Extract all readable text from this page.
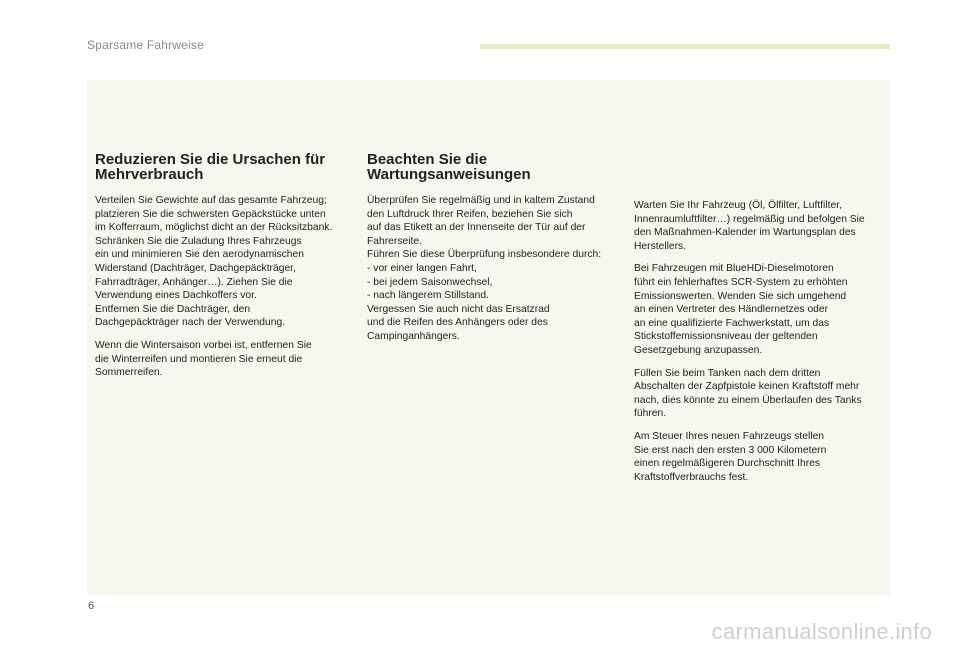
Sparsame Fahrweise
Reduzieren Sie die Ursachen für
Mehrverbrauch

Verteilen Sie Gewichte auf das gesamte Fahrzeug;
platzieren Sie die schwersten Gepäckstücke unten
im Kofferraum, möglichst dicht an der Rücksitzbank.
Schränken Sie die Zuladung Ihres Fahrzeugs
ein und minimieren Sie den aerodynamischen
Widerstand (Dachträger, Dachgepäckträger,
Fahrradträger, Anhänger…). Ziehen Sie die
Verwendung eines Dachkoffers vor.
Entfernen Sie die Dachträger, den
Dachgepäckträger nach der Verwendung.

Wenn die Wintersaison vorbei ist, entfernen Sie
die Winterreifen und montieren Sie erneut die
Sommerreifen.

Beachten Sie die
Wartungsanweisungen

Überprüfen Sie regelmäßig und in kaltem Zustand
den Luftdruck Ihrer Reifen, beziehen Sie sich
auf das Etikett an der Innenseite der Tür auf der
Fahrerseite.
Führen Sie diese Überprüfung insbesondere durch:
- vor einer langen Fahrt,
- bei jedem Saisonwechsel,
- nach längerem Stillstand.
Vergessen Sie auch nicht das Ersatzrad
und die Reifen des Anhängers oder des
Campinganhängers.

Warten Sie Ihr Fahrzeug (Öl, Ölfilter, Luftfilter,
Innenraumluftfilter…) regelmäßig und befolgen Sie
den Maßnahmen-Kalender im Wartungsplan des
Herstellers.

Bei Fahrzeugen mit BlueHDi-Dieselmotoren
führt ein fehlerhaftes SCR-System zu erhöhten
Emissionswerten. Wenden Sie sich umgehend
an einen Vertreter des Händlernetzes oder
an eine qualifizierte Fachwerkstatt, um das
Stickstoffemissionsniveau der geltenden
Gesetzgebung anzupassen.

Füllen Sie beim Tanken nach dem dritten
Abschalten der Zapfpistole keinen Kraftstoff mehr
nach, dies könnte zu einem Überlaufen des Tanks
führen.

Am Steuer Ihres neuen Fahrzeugs stellen
Sie erst nach den ersten 3 000 Kilometern
einen regelmäßigeren Durchschnitt Ihres
Kraftstoffverbrauchs fest.

6
carmanualsonline.info
